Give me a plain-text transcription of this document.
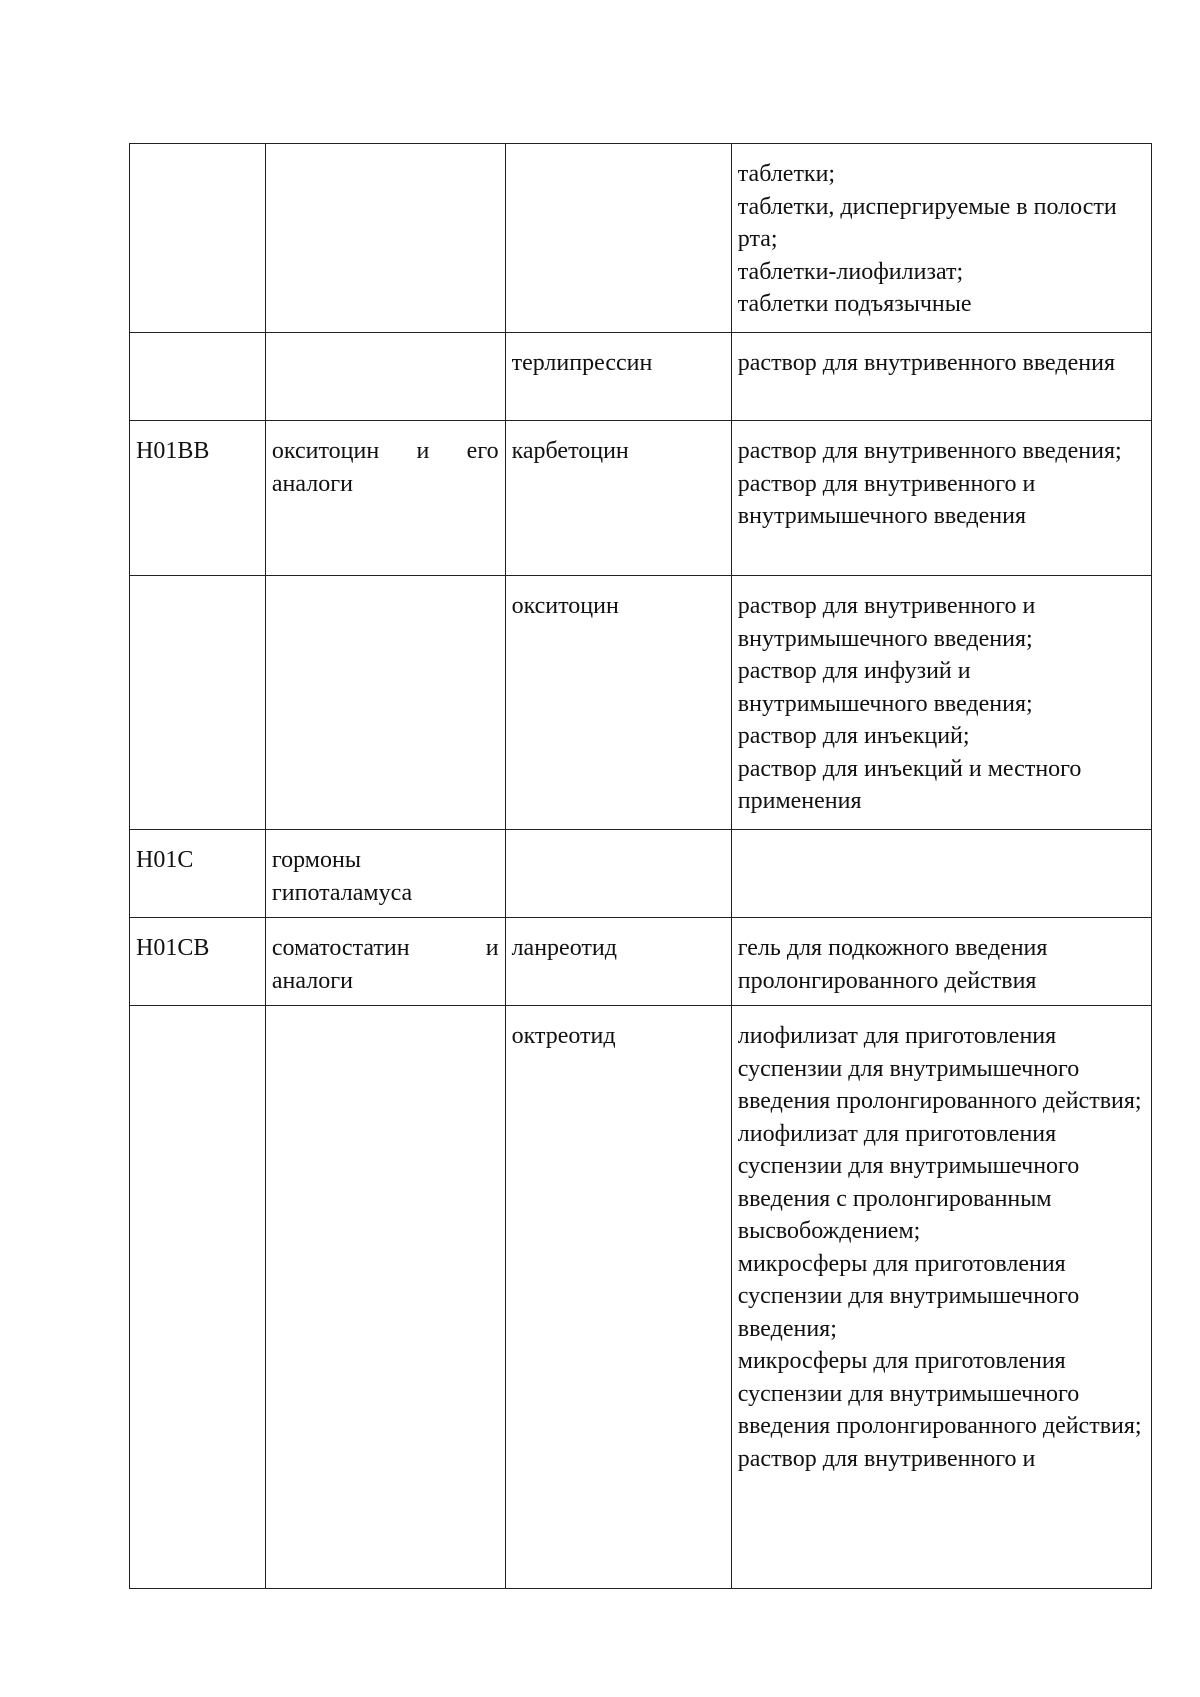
			таблетки;
таблетки, диспергируемые в полости рта;
таблетки-лиофилизат;
таблетки подъязычные

		терлипрессин	раствор для внутривенного введения

H01BB	окситоцин и его аналоги	карбетоцин	раствор для внутривенного введения;
раствор для внутривенного и внутримышечного введения

		окситоцин	раствор для внутривенного и внутримышечного введения;
раствор для инфузий и внутримышечного введения;
раствор для инъекций;
раствор для инъекций и местного применения

H01C	гормоны гипоталамуса		

H01CB	соматостатин и аналоги	ланреотид	гель для подкожного введения пролонгированного действия

		октреотид	лиофилизат для приготовления суспензии для внутримышечного введения пролонгированного действия;
лиофилизат для приготовления суспензии для внутримышечного введения с пролонгированным высвобождением;
микросферы для приготовления суспензии для внутримышечного введения;
микросферы для приготовления суспензии для внутримышечного введения пролонгированного действия;
раствор для внутривенного и
